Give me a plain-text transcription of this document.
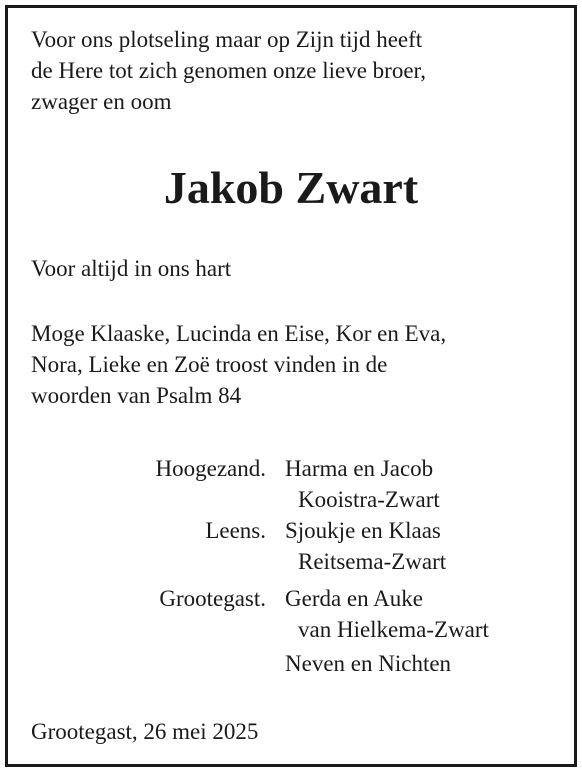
Voor ons plotseling maar op Zijn tijd heeft
de Here tot zich genomen onze lieve broer,
zwager en oom
Jakob Zwart
Voor altijd in ons hart
Moge Klaaske, Lucinda en Eise, Kor en Eva,
Nora, Lieke en Zoë troost vinden in de
woorden van Psalm 84
Hoogezand. Harma en Jacob
Kooistra-Zwart
Leens. Sjoukje en Klaas
Reitsema-Zwart
Grootegast. Gerda en Auke
van Hielkema-Zwart
Neven en Nichten
Grootegast, 26 mei 2025
